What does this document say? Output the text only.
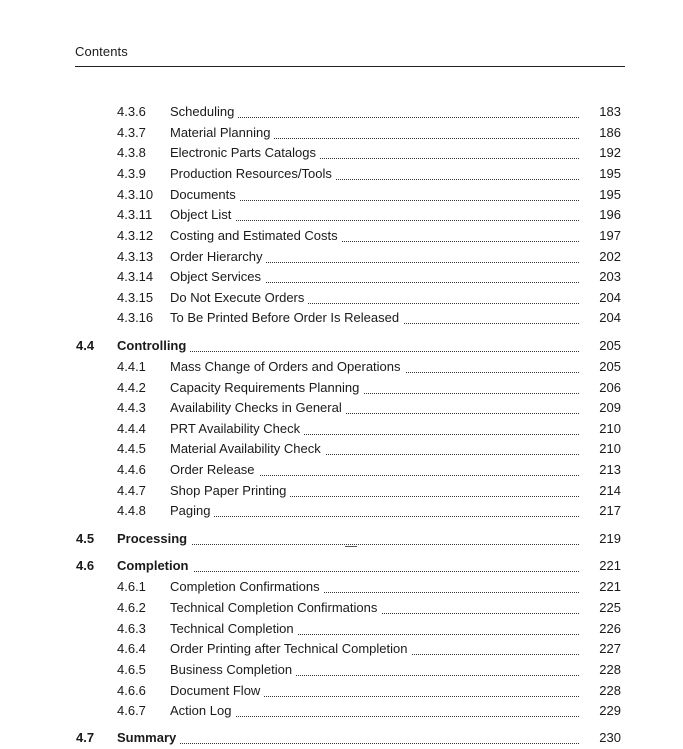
Contents
4.3.6 Scheduling	183
4.3.7 Material Planning	186
4.3.8 Electronic Parts Catalogs	192
4.3.9 Production Resources/Tools	195
4.3.10 Documents	195
4.3.11 Object List	196
4.3.12 Costing and Estimated Costs	197
4.3.13 Order Hierarchy	202
4.3.14 Object Services	203
4.3.15 Do Not Execute Orders	204
4.3.16 To Be Printed Before Order Is Released	204
4.4 Controlling	205
4.4.1 Mass Change of Orders and Operations	205
4.4.2 Capacity Requirements Planning	206
4.4.3 Availability Checks in General	209
4.4.4 PRT Availability Check	210
4.4.5 Material Availability Check	210
4.4.6 Order Release	213
4.4.7 Shop Paper Printing	214
4.4.8 Paging	217
4.5 Processing	219
4.6 Completion	221
4.6.1 Completion Confirmations	221
4.6.2 Technical Completion Confirmations	225
4.6.3 Technical Completion	226
4.6.4 Order Printing after Technical Completion	227
4.6.5 Business Completion	228
4.6.6 Document Flow	228
4.6.7 Action Log	229
4.7 Summary	230
